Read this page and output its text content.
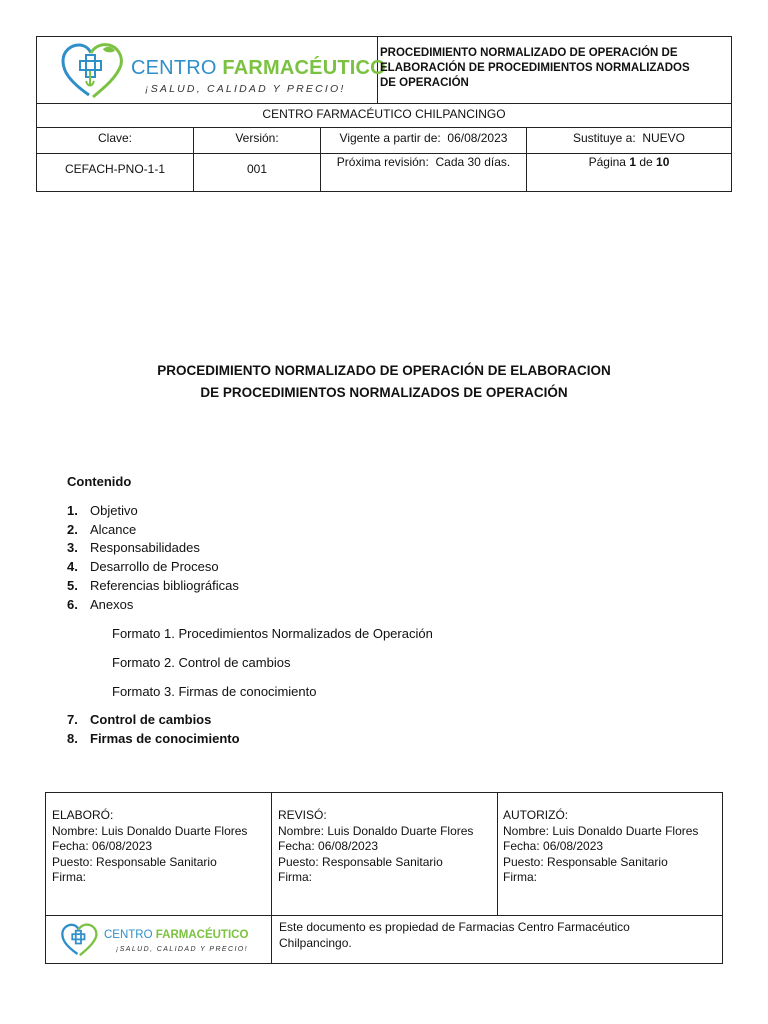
CENTRO FARMACÉUTICO
¡SALUD, CALIDAD Y PRECIO!
PROCEDIMIENTO NORMALIZADO DE OPERACIÓN DE
ELABORACIÓN DE PROCEDIMIENTOS NORMALIZADOS
DE OPERACIÓN
CENTRO FARMACÉUTICO CHILPANCINGO
Clave:	Versión:	Vigente a partir de: 06/08/2023	Sustituye a: NUEVO
CEFACH-PNO-1-1	001	Próxima revisión: Cada 30 días.	Página 1 de 10
PROCEDIMIENTO NORMALIZADO DE OPERACIÓN DE ELABORACION
DE PROCEDIMIENTOS NORMALIZADOS DE OPERACIÓN
Contenido
1. Objetivo
2. Alcance
3. Responsabilidades
4. Desarrollo de Proceso
5. Referencias bibliográficas
6. Anexos
Formato 1. Procedimientos Normalizados de Operación
Formato 2. Control de cambios
Formato 3. Firmas de conocimiento
7. Control de cambios
8. Firmas de conocimiento
ELABORÓ:
Nombre: Luis Donaldo Duarte Flores
Fecha: 06/08/2023
Puesto: Responsable Sanitario
Firma:
REVISÓ:
Nombre: Luis Donaldo Duarte Flores
Fecha: 06/08/2023
Puesto: Responsable Sanitario
Firma:
AUTORIZÓ:
Nombre: Luis Donaldo Duarte Flores
Fecha: 06/08/2023
Puesto: Responsable Sanitario
Firma:
CENTRO FARMACÉUTICO
¡SALUD, CALIDAD Y PRECIO!
Este documento es propiedad de Farmacias Centro Farmacéutico
Chilpancingo.
